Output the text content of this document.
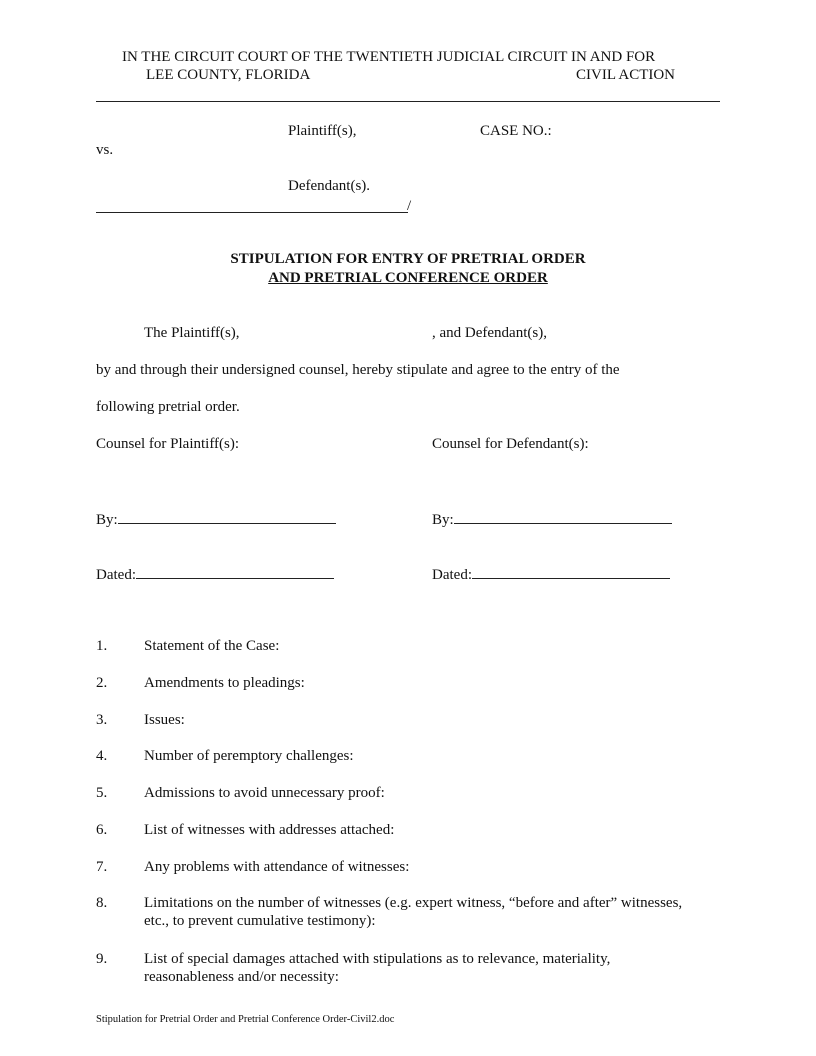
IN THE CIRCUIT COURT OF THE TWENTIETH JUDICIAL CIRCUIT IN AND FOR
LEE COUNTY, FLORIDA	CIVIL ACTION
Plaintiff(s),	CASE NO.:
vs.
Defendant(s).
/
STIPULATION FOR ENTRY OF PRETRIAL ORDER
AND PRETRIAL CONFERENCE ORDER
The Plaintiff(s),	, and Defendant(s),
by and through their undersigned counsel, hereby stipulate and agree to the entry of the
following pretrial order.
Counsel for Plaintiff(s):	Counsel for Defendant(s):
By:	By:
Dated:	Dated:
1. Statement of the Case:
2. Amendments to pleadings:
3. Issues:
4. Number of peremptory challenges:
5. Admissions to avoid unnecessary proof:
6. List of witnesses with addresses attached:
7. Any problems with attendance of witnesses:
8. Limitations on the number of witnesses (e.g. expert witness, “before and after” witnesses,
etc., to prevent cumulative testimony):
9. List of special damages attached with stipulations as to relevance, materiality,
reasonableness and/or necessity:
Stipulation for Pretrial Order and Pretrial Conference Order-Civil2.doc
